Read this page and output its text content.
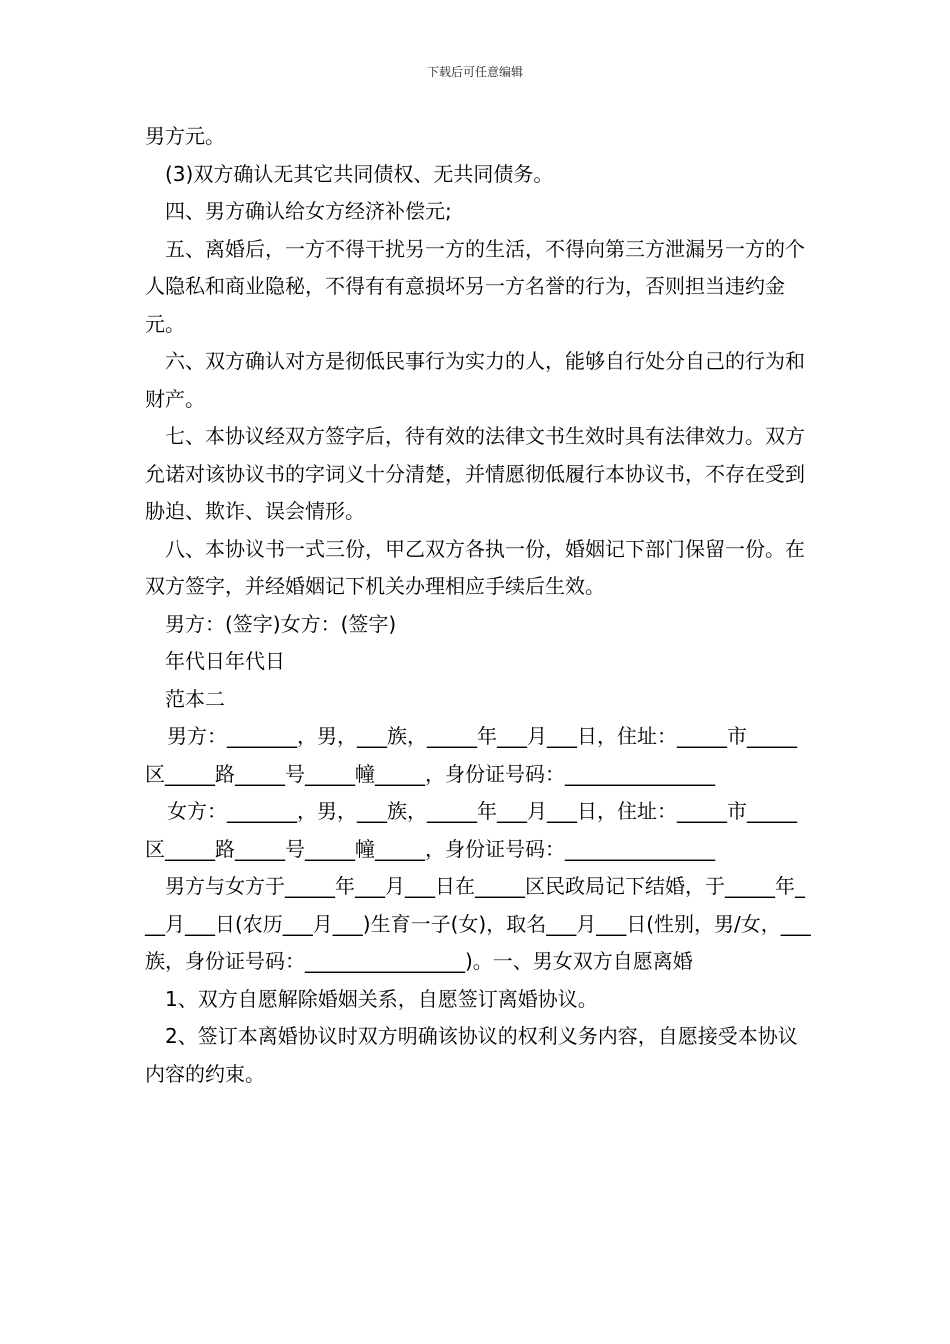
下载后可任意编辑

男方元。

(3)双方确认无其它共同债权、无共同债务。

四、男方确认给女方经济补偿元;

五、离婚后，一方不得干扰另一方的生活，不得向第三方泄漏另一方的个人隐私和商业隐秘，不得有有意损坏另一方名誉的行为，否则担当违约金元。

六、双方确认对方是彻低民事行为实力的人，能够自行处分自己的行为和财产。

七、本协议经双方签字后，待有效的法律文书生效时具有法律效力。双方允诺对该协议书的字词义十分清楚，并情愿彻低履行本协议书，不存在受到胁迫、欺诈、误会情形。

八、本协议书一式三份，甲乙双方各执一份，婚姻记下部门保留一份。在双方签字，并经婚姻记下机关办理相应手续后生效。

男方：(签字)女方：(签字)

年代日年代日

范本二

男方：_______，男，___族，_____年___月___日，住址：_____市_____区_____路_____号_____幢_____，身份证号码：_______________

女方：_______，男，___族，_____年___月___日，住址：_____市_____区_____路_____号_____幢_____，身份证号码：_______________

男方与女方于_____年___月___日在_____区民政局记下结婚，于_____年___月___日(农历___月___)生育一子(女)，取名___月___日(性别，男/女，___族，身份证号码：________________)。一、男女双方自愿离婚

1、双方自愿解除婚姻关系，自愿签订离婚协议。

2、签订本离婚协议时双方明确该协议的权利义务内容，自愿接受本协议内容的约束。
